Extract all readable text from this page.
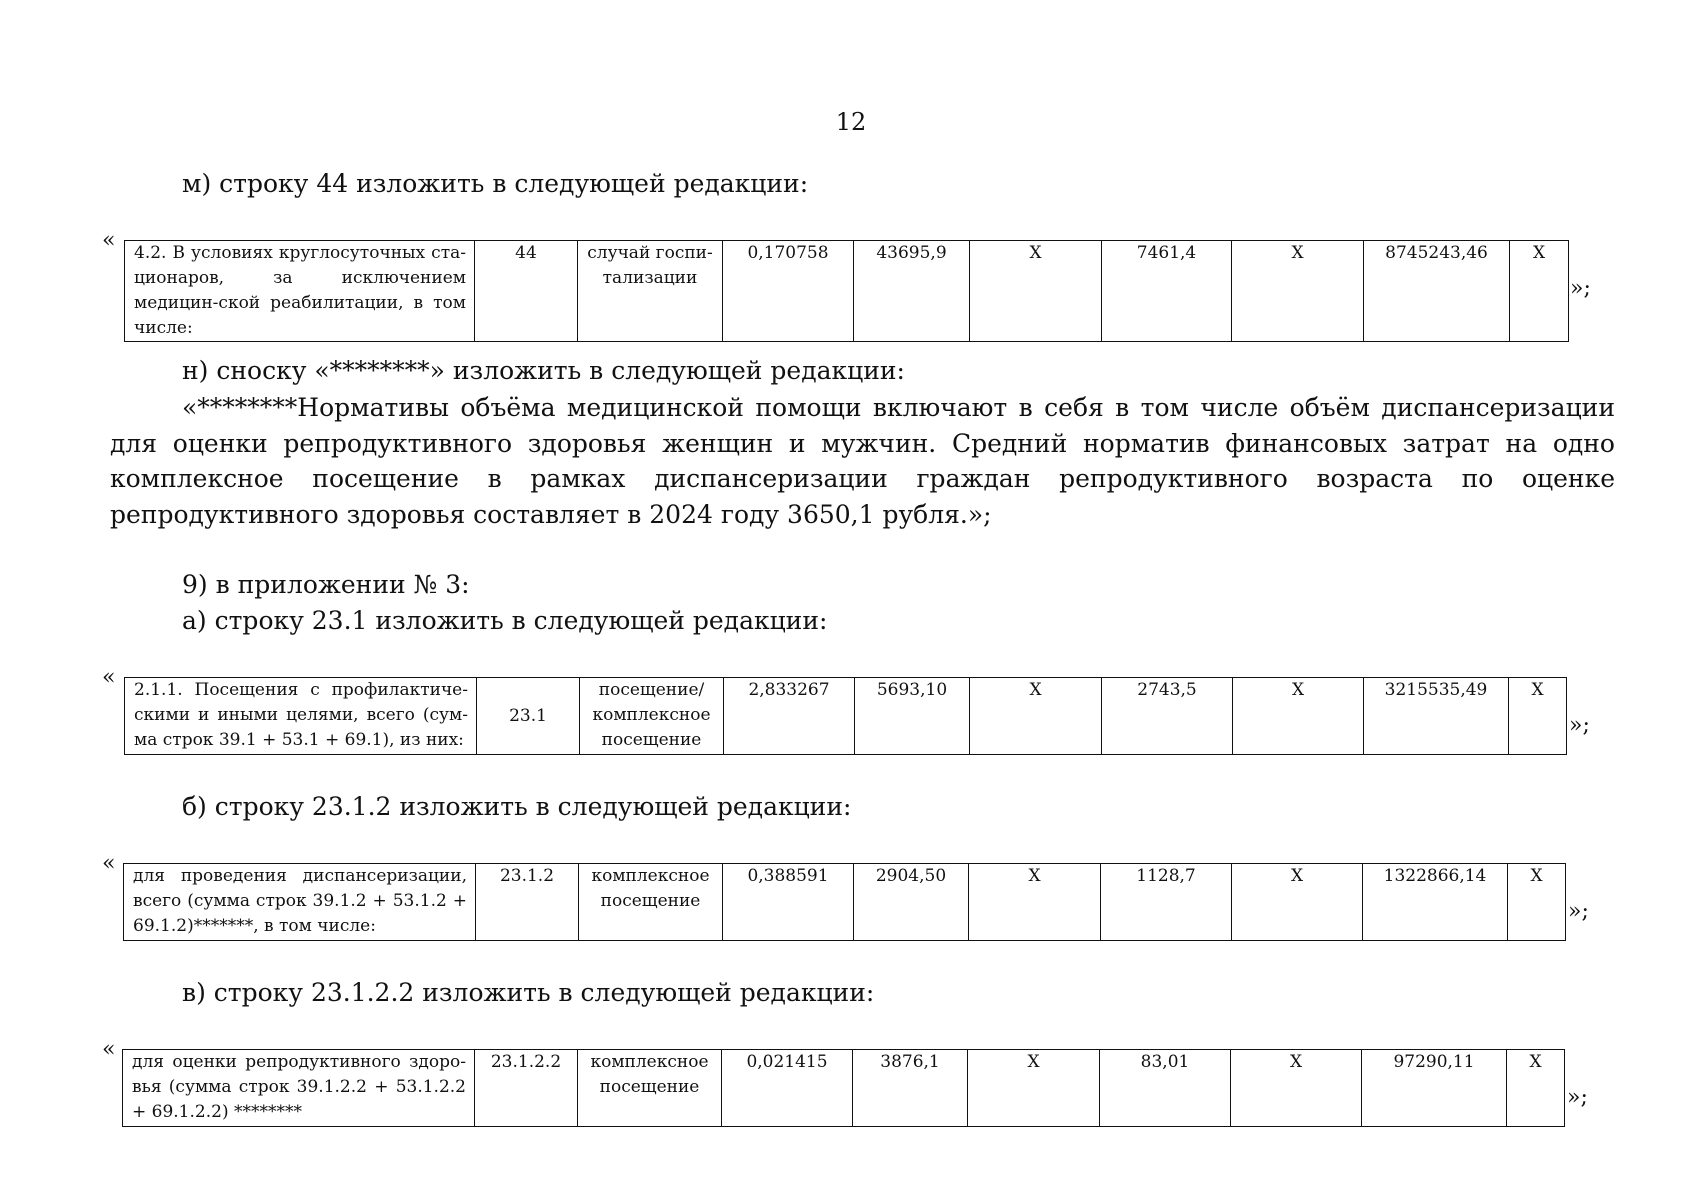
12
м) строку 44 изложить в следующей редакции:
« 4.2. В условиях круглосуточных ста-ционаров, за исключением медицин-ской реабилитации, в том числе:	44	случай госпи-тализации	0,170758	43695,9	Х	7461,4	Х	8745243,46	Х
»;
н) сноску «********» изложить в следующей редакции:
«********Нормативы объёма медицинской помощи включают в себя в том числе объём диспансеризации для оценки репродуктивного здоровья женщин и мужчин. Средний норматив финансовых затрат на одно комплексное посещение в рамках диспансеризации граждан репродуктивного возраста по оценке репродуктивного здоровья составляет в 2024 году 3650,1 рубля.»;
9) в приложении № 3:
а) строку 23.1 изложить в следующей редакции:
« 2.1.1. Посещения с профилактиче-скими и иными целями, всего (сум-ма строк 39.1 + 53.1 + 69.1), из них:	23.1	посещение/ комплексное посещение	2,833267	5693,10	Х	2743,5	Х	3215535,49	Х
»;
б) строку 23.1.2 изложить в следующей редакции:
« для проведения диспансеризации, всего (сумма строк 39.1.2 + 53.1.2 + 69.1.2)*******, в том числе:	23.1.2	комплексное посещение	0,388591	2904,50	Х	1128,7	Х	1322866,14	Х
»;
в) строку 23.1.2.2 изложить в следующей редакции:
« для оценки репродуктивного здоро-вья (сумма строк 39.1.2.2 + 53.1.2.2 + 69.1.2.2) ********	23.1.2.2	комплексное посещение	0,021415	3876,1	Х	83,01	Х	97290,11	Х
»;
